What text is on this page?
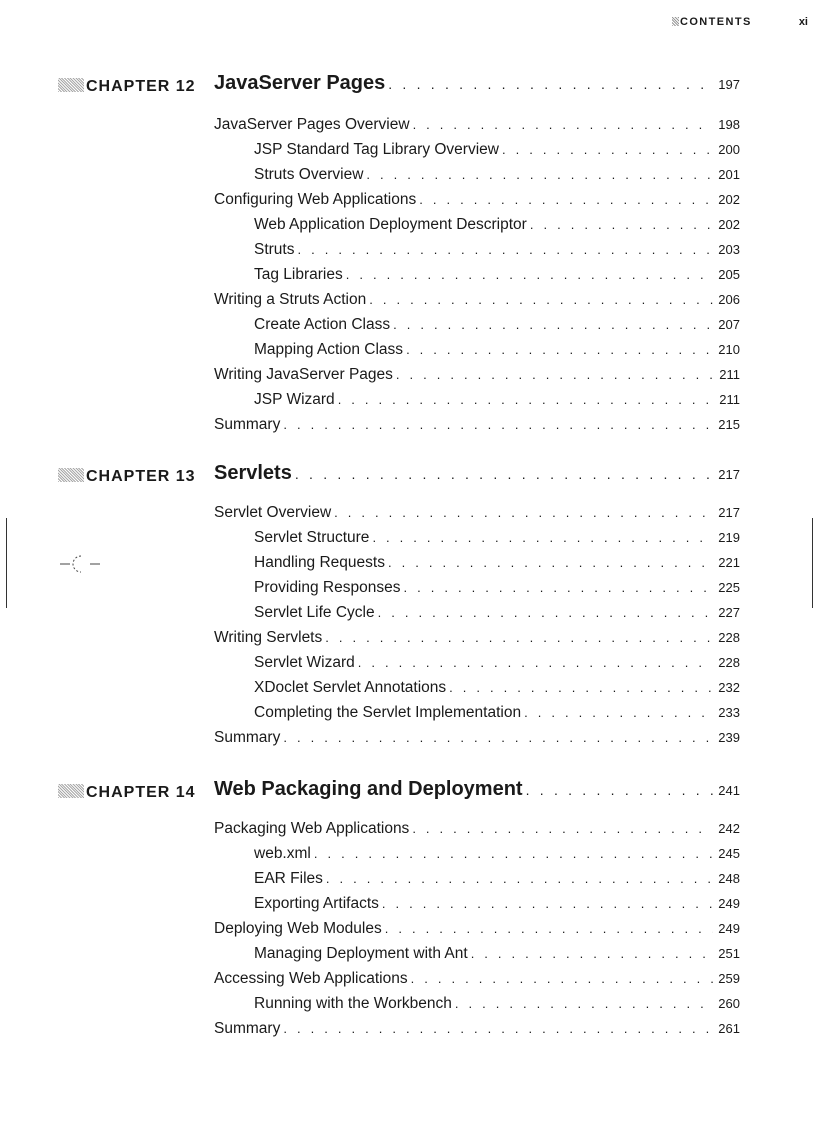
CONTENTS	xi
CHAPTER 12 JavaServer Pages . . .	197
JavaServer Pages Overview . . .	198
JSP Standard Tag Library Overview . . .	200
Struts Overview . . .	201
Configuring Web Applications . . .	202
Web Application Deployment Descriptor . . .	202
Struts . . .	203
Tag Libraries . . .	205
Writing a Struts Action . . .	206
Create Action Class . . .	207
Mapping Action Class . . .	210
Writing JavaServer Pages . . .	211
JSP Wizard . . .	211
Summary . . .	215
CHAPTER 13 Servlets . . .	217
Servlet Overview . . .	217
Servlet Structure . . .	219
Handling Requests . . .	221
Providing Responses . . .	225
Servlet Life Cycle . . .	227
Writing Servlets . . .	228
Servlet Wizard . . .	228
XDoclet Servlet Annotations . . .	232
Completing the Servlet Implementation . . .	233
Summary . . .	239
CHAPTER 14 Web Packaging and Deployment . . .	241
Packaging Web Applications . . .	242
web.xml . . .	245
EAR Files . . .	248
Exporting Artifacts . . .	249
Deploying Web Modules . . .	249
Managing Deployment with Ant . . .	251
Accessing Web Applications . . .	259
Running with the Workbench . . .	260
Summary . . .	261
